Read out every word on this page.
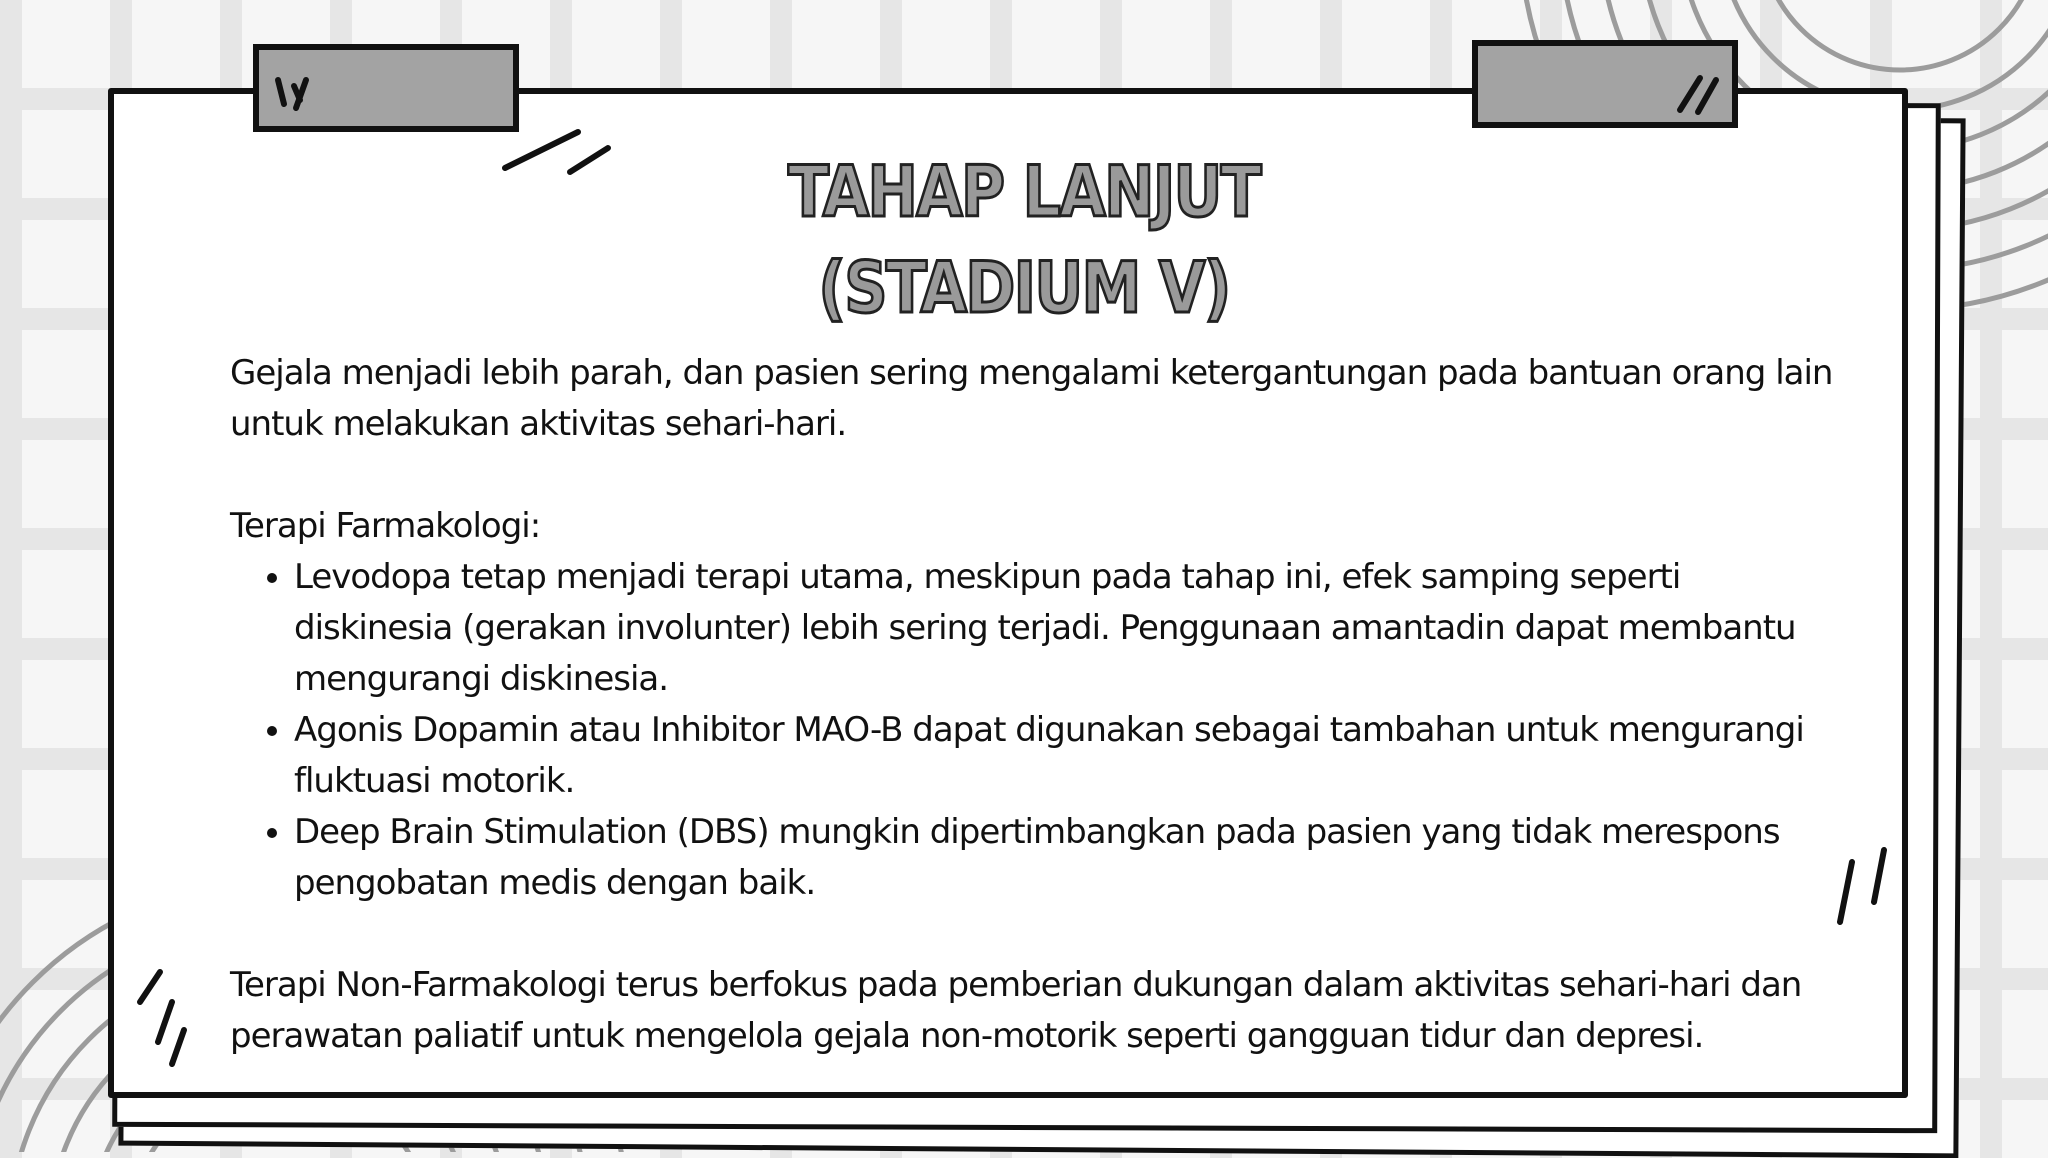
TAHAP LANJUT
(STADIUM V)

Gejala menjadi lebih parah, dan pasien sering mengalami ketergantungan pada bantuan orang lain untuk melakukan aktivitas sehari-hari.

Terapi Farmakologi:

• Levodopa tetap menjadi terapi utama, meskipun pada tahap ini, efek samping seperti diskinesia (gerakan involunter) lebih sering terjadi. Penggunaan amantadin dapat membantu mengurangi diskinesia.
• Agonis Dopamin atau Inhibitor MAO-B dapat digunakan sebagai tambahan untuk mengurangi fluktuasi motorik.
• Deep Brain Stimulation (DBS) mungkin dipertimbangkan pada pasien yang tidak merespons pengobatan medis dengan baik.

Terapi Non-Farmakologi terus berfokus pada pemberian dukungan dalam aktivitas sehari-hari dan perawatan paliatif untuk mengelola gejala non-motorik seperti gangguan tidur dan depresi.
